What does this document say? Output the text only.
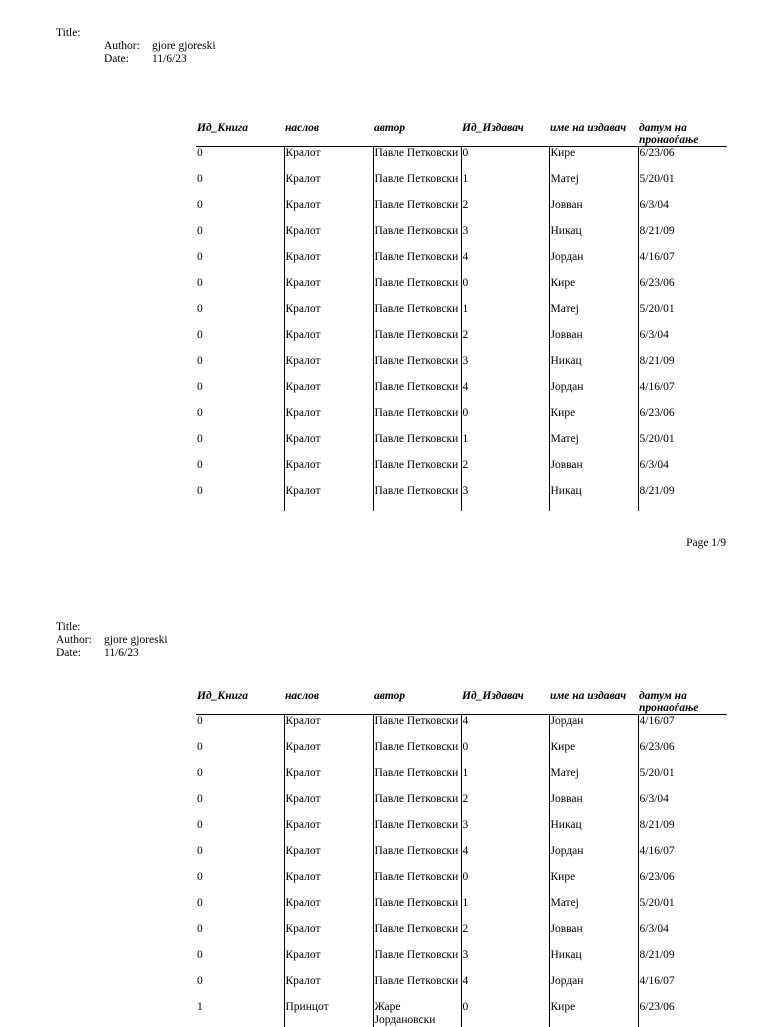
Title:
Author: gjore gjoreski
Date: 11/6/23
Ид_Книга	наслов	автор	Ид_Издавач	име на издавач	датум на пронаоѓање
0	Кралот	Павле Петковски	0	Кире	6/23/06
0	Кралот	Павле Петковски	1	Матеј	5/20/01
0	Кралот	Павле Петковски	2	Јовван	6/3/04
0	Кралот	Павле Петковски	3	Никац	8/21/09
0	Кралот	Павле Петковски	4	Јордан	4/16/07
0	Кралот	Павле Петковски	0	Кире	6/23/06
0	Кралот	Павле Петковски	1	Матеј	5/20/01
0	Кралот	Павле Петковски	2	Јовван	6/3/04
0	Кралот	Павле Петковски	3	Никац	8/21/09
0	Кралот	Павле Петковски	4	Јордан	4/16/07
0	Кралот	Павле Петковски	0	Кире	6/23/06
0	Кралот	Павле Петковски	1	Матеј	5/20/01
0	Кралот	Павле Петковски	2	Јовван	6/3/04
0	Кралот	Павле Петковски	3	Никац	8/21/09
Page 1/9
Title:
Author: gjore gjoreski
Date: 11/6/23
Ид_Книга	наслов	автор	Ид_Издавач	име на издавач	датум на пронаоѓање
0	Кралот	Павле Петковски	4	Јордан	4/16/07
0	Кралот	Павле Петковски	0	Кире	6/23/06
0	Кралот	Павле Петковски	1	Матеј	5/20/01
0	Кралот	Павле Петковски	2	Јовван	6/3/04
0	Кралот	Павле Петковски	3	Никац	8/21/09
0	Кралот	Павле Петковски	4	Јордан	4/16/07
0	Кралот	Павле Петковски	0	Кире	6/23/06
0	Кралот	Павле Петковски	1	Матеј	5/20/01
0	Кралот	Павле Петковски	2	Јовван	6/3/04
0	Кралот	Павле Петковски	3	Никац	8/21/09
0	Кралот	Павле Петковски	4	Јордан	4/16/07
1	Принцот	Жаре Јордановски	0	Кире	6/23/06
